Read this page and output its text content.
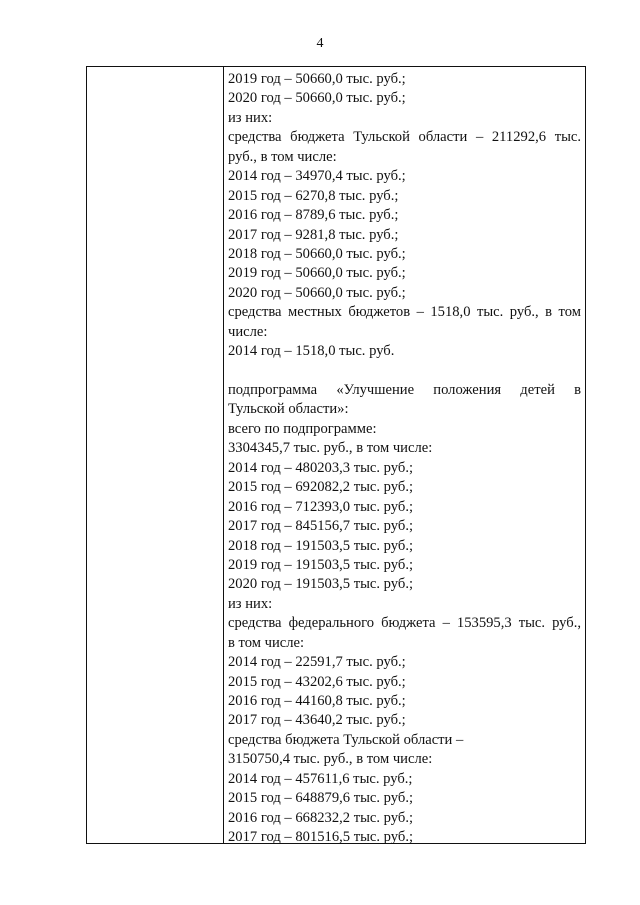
4
2019 год – 50660,0 тыс. руб.;
2020 год – 50660,0 тыс. руб.;
из них:
средства бюджета Тульской области – 211292,6 тыс.
руб., в том числе:
2014 год – 34970,4 тыс. руб.;
2015 год – 6270,8 тыс. руб.;
2016 год – 8789,6 тыс. руб.;
2017 год – 9281,8 тыс. руб.;
2018 год – 50660,0 тыс. руб.;
2019 год – 50660,0 тыс. руб.;
2020 год – 50660,0 тыс. руб.;
средства местных бюджетов – 1518,0 тыс. руб., в том
числе:
2014 год – 1518,0 тыс. руб.
подпрограмма «Улучшение положения детей в
Тульской области»:
всего по подпрограмме:
3304345,7 тыс. руб., в том числе:
2014 год – 480203,3 тыс. руб.;
2015 год – 692082,2 тыс. руб.;
2016 год – 712393,0 тыс. руб.;
2017 год – 845156,7 тыс. руб.;
2018 год – 191503,5 тыс. руб.;
2019 год – 191503,5 тыс. руб.;
2020 год – 191503,5 тыс. руб.;
из них:
средства федерального бюджета – 153595,3 тыс. руб.,
в том числе:
2014 год – 22591,7 тыс. руб.;
2015 год – 43202,6 тыс. руб.;
2016 год – 44160,8 тыс. руб.;
2017 год – 43640,2 тыс. руб.;
средства бюджета Тульской области –
3150750,4 тыс. руб., в том числе:
2014 год – 457611,6 тыс. руб.;
2015 год – 648879,6 тыс. руб.;
2016 год – 668232,2 тыс. руб.;
2017 год – 801516,5 тыс. руб.;
